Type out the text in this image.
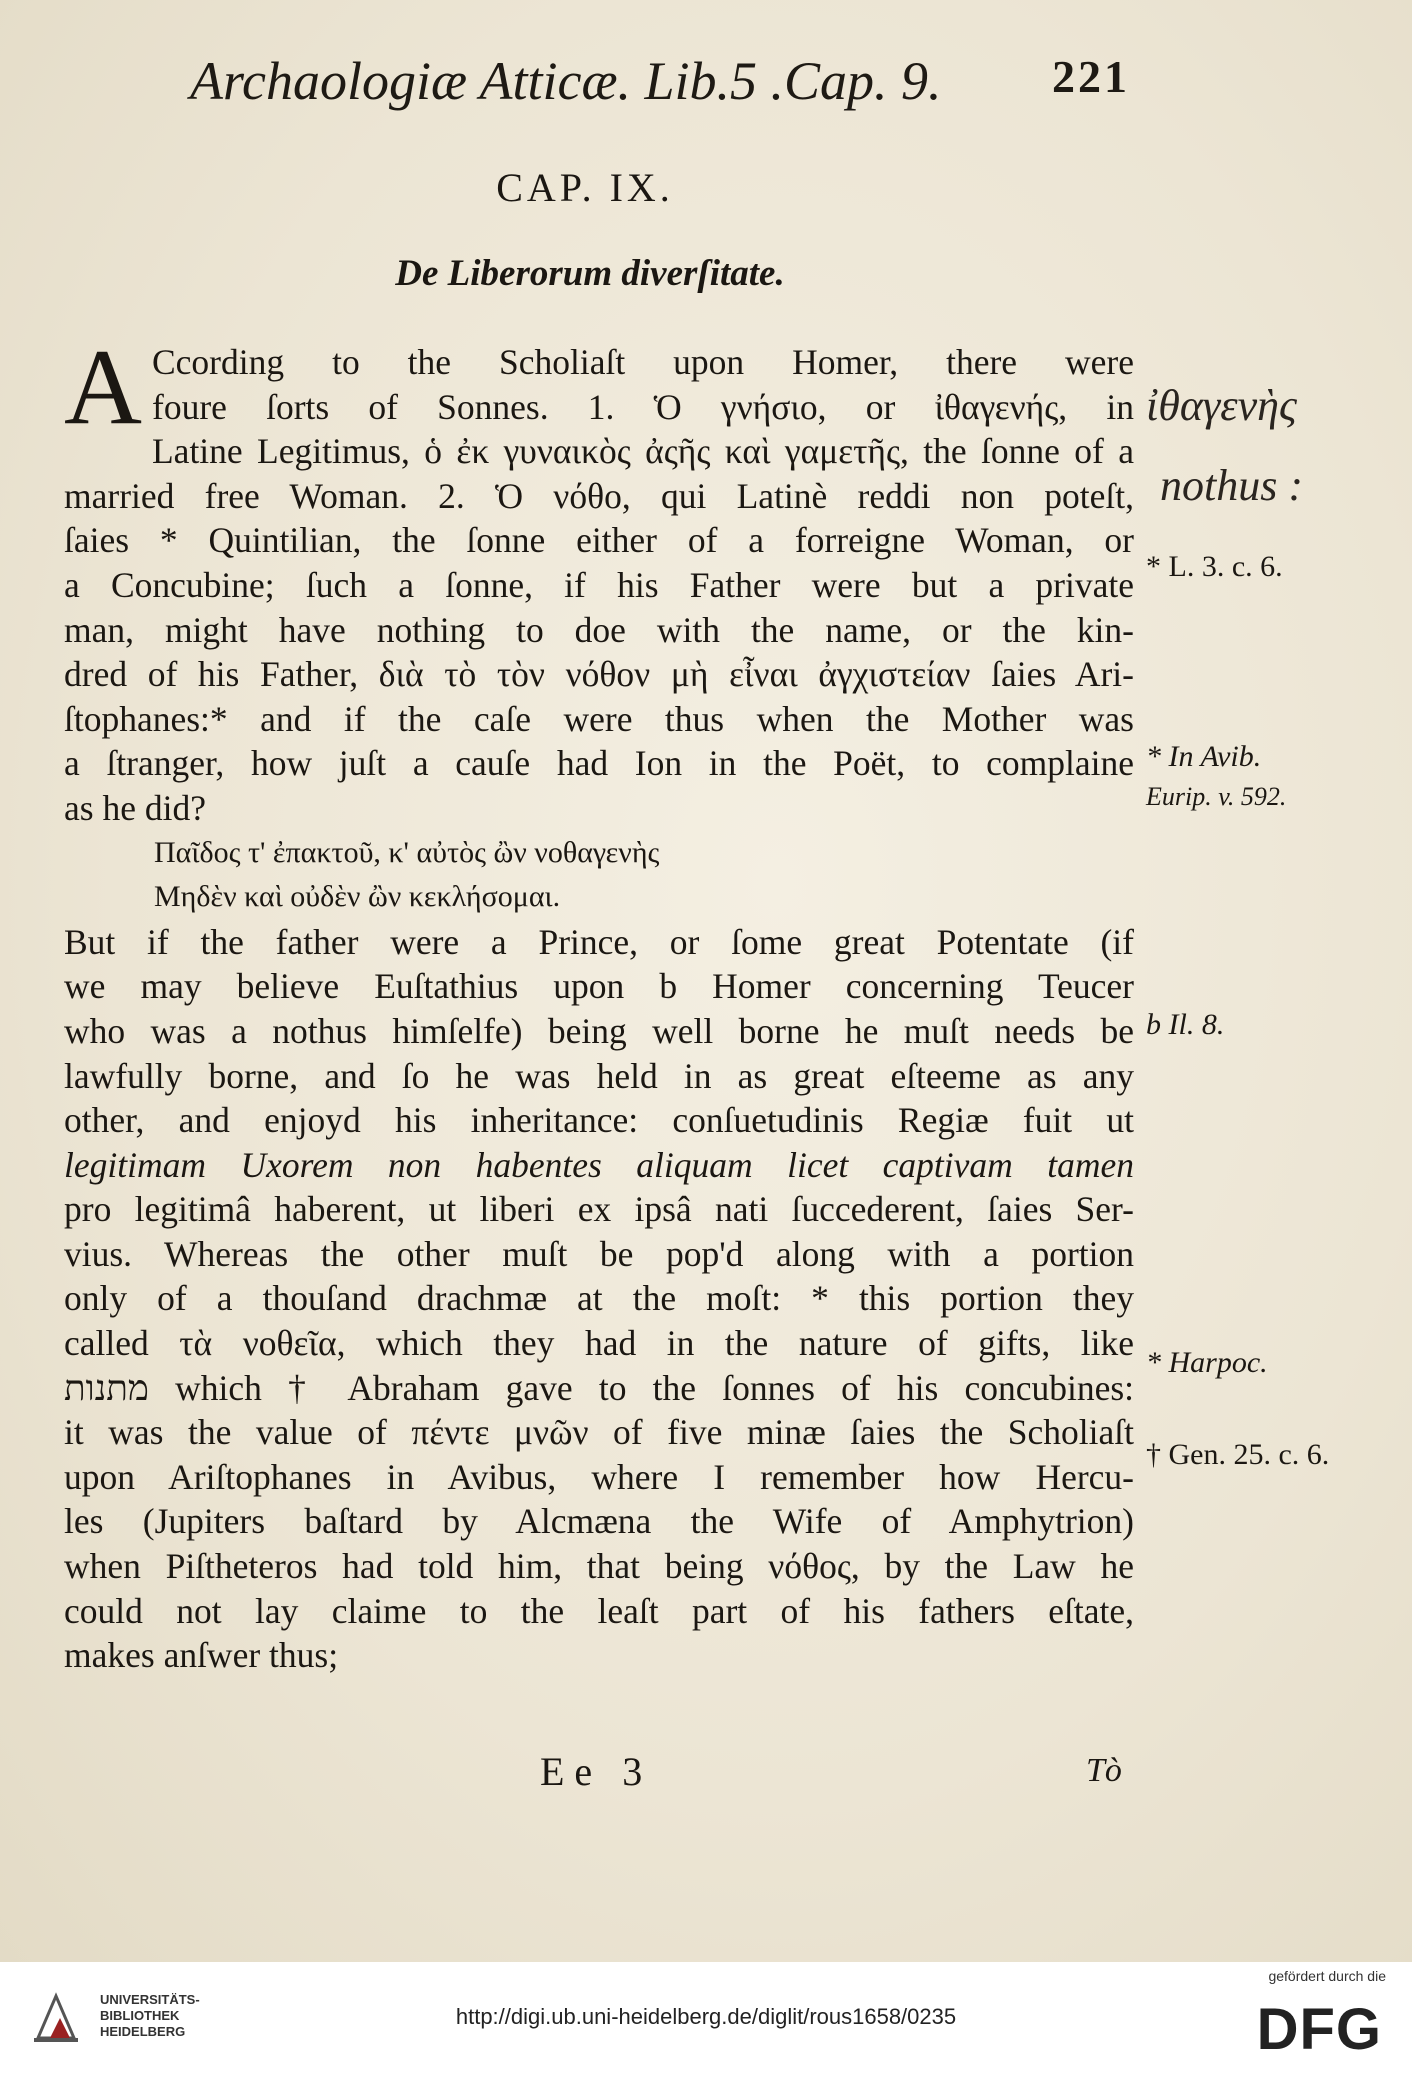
Archaologiæ Atticæ. Lib.5 .Cap. 9. 221
CAP. IX.
De Liberorum diverſitate.
A Ccording to the Scholiaſt upon Homer, there were
foure ſorts of Sonnes. 1. Ὁ γνήσιο, or ἰθαγενής, in
Latine Legitimus, ὁ ἐκ γυναικὸς ἀςῆς καὶ γαμετῆς, the ſonne of a
married free Woman. 2. Ὁ νόθο, qui Latinè reddi non poteſt,
ſaies * Quintilian, the ſonne either of a forreigne Woman, or
a Concubine; ſuch a ſonne, if his Father were but a private
man, might have nothing to doe with the name, or the kin-
dred of his Father, διὰ τὸ τὸν νόθον μὴ εἶναι ἀγχιστείαν ſaies Ari-
ſtophanes:* and if the caſe were thus when the Mother was
a ſtranger, how juſt a cauſe had Ion in the Poët, to complaine
as he did?
Παῖδος τ' ἐπακτοῦ, κ' αὐτὸς ὢν νοθαγενὴς
Μηδὲν καὶ οὐδὲν ὢν κεκλήσομαι.
But if the father were a Prince, or ſome great Potentate (if
we may believe Euſtathius upon b Homer concerning Teucer
who was a nothus himſelfe) being well borne he muſt needs be
lawfully borne, and ſo he was held in as great eſteeme as any
other, and enjoyd his inheritance: conſuetudinis Regiæ fuit ut
legitimam Uxorem non habentes aliquam licet captivam tamen
pro legitimâ haberent, ut liberi ex ipsâ nati ſuccederent, ſaies Ser-
vius. Whereas the other muſt be pop'd along with a portion
only of a thouſand drachmæ at the moſt: * this portion they
called τὰ νοθεῖα, which they had in the nature of gifts, like
מתנות which † Abraham gave to the ſonnes of his concubines:
it was the value of πέντε μνῶν of five minæ ſaies the Scholiaſt
upon Ariſtophanes in Avibus, where I remember how Hercu-
les (Jupiters baſtard by Alcmæna the Wife of Amphytrion)
when Piſtheteros had told him, that being νόθος, by the Law he
could not lay claime to the leaſt part of his fathers eſtate,
makes anſwer thus;
ἰθαγενὴς
nothus :
* L. 3. c. 6.
* In Avib.
Eurip. v. 592.
b Il. 8.
* Harpoc.
† Gen. 25. c. 6.
Ee 3	Tò
UNIVERSITÄTS-
BIBLIOTHEK
HEIDELBERG
http://digi.ub.uni-heidelberg.de/diglit/rous1658/0235
gefördert durch die
DFG
